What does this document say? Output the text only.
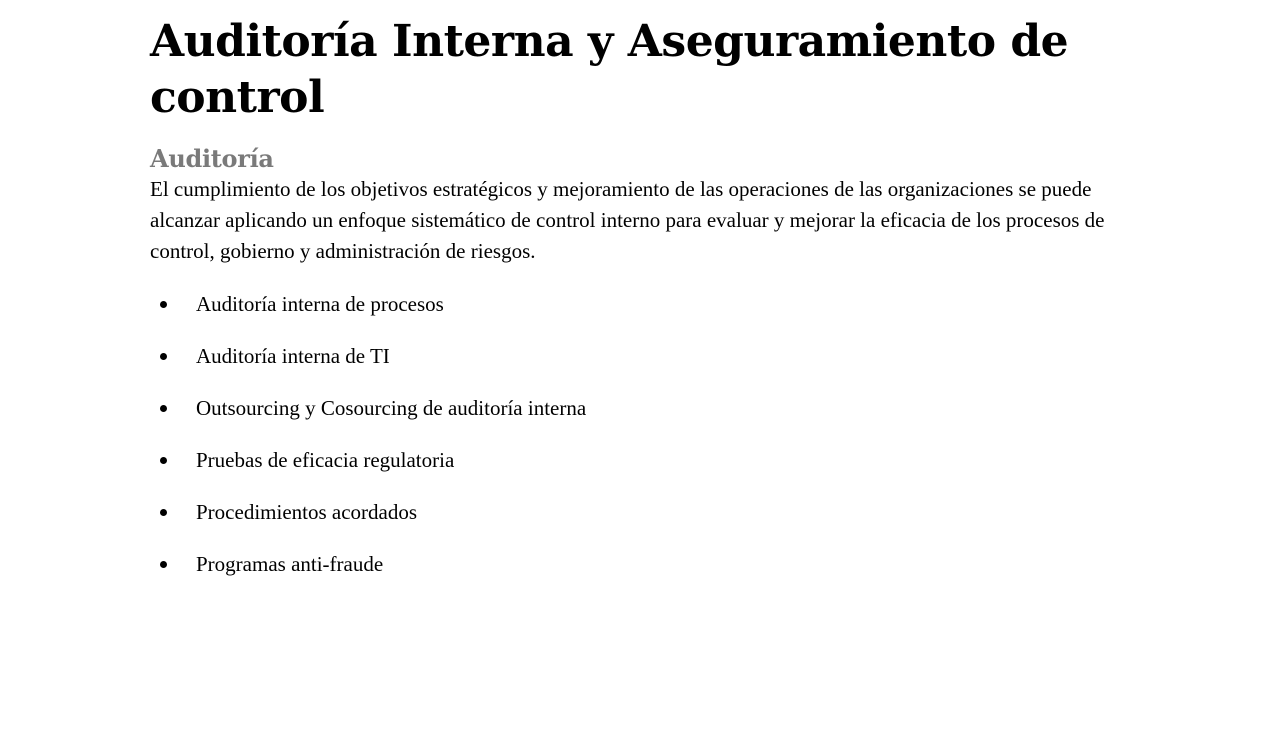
Auditoría Interna y Aseguramiento de control
Auditoría

El cumplimiento de los objetivos estratégicos y mejoramiento de las operaciones de las organizaciones se puede alcanzar aplicando un enfoque sistemático de control interno para evaluar y mejorar la eficacia de los procesos de control, gobierno y administración de riesgos.

Auditoría interna de procesos
Auditoría interna de TI
Outsourcing y Cosourcing de auditoría interna
Pruebas de eficacia regulatoria
Procedimientos acordados
Programas anti-fraude
